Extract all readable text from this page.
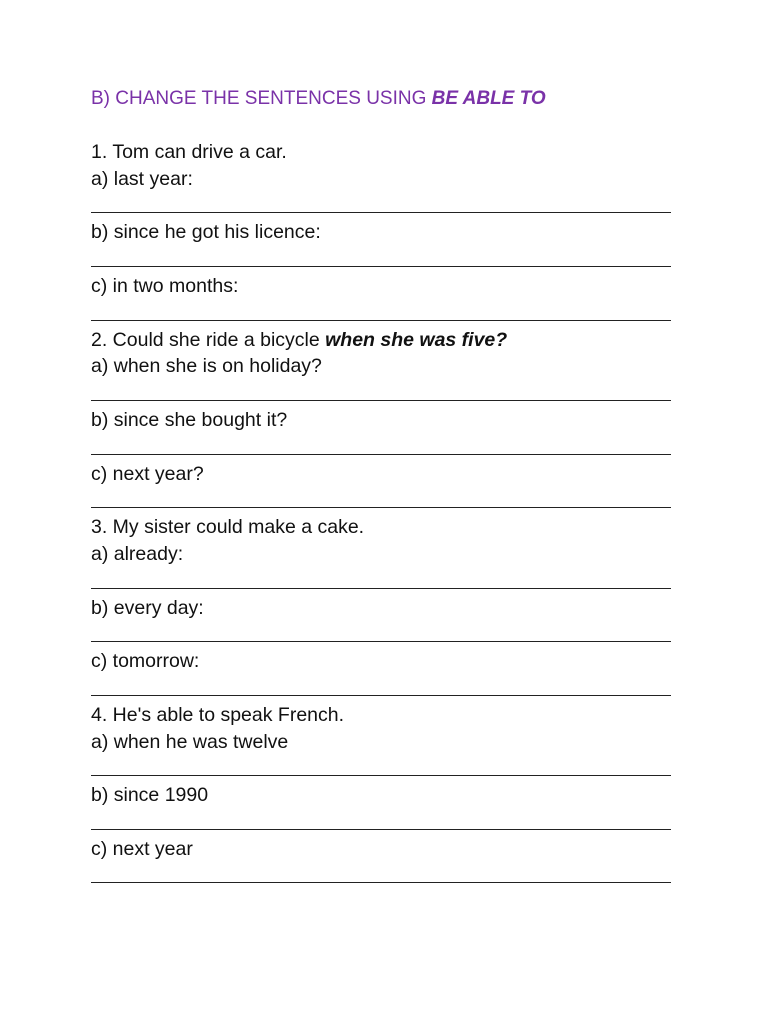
B) CHANGE THE SENTENCES USING BE ABLE TO
1. Tom can drive a car.
a) last year:
b) since he got his licence:
c) in two months:
2. Could she ride a bicycle when she was five?
a) when she is on holiday?
b) since she bought it?
c) next year?
3. My sister could make a cake.
a) already:
b) every day:
c) tomorrow:
4. He's able to speak French.
a) when he was twelve
b) since 1990
c) next year
